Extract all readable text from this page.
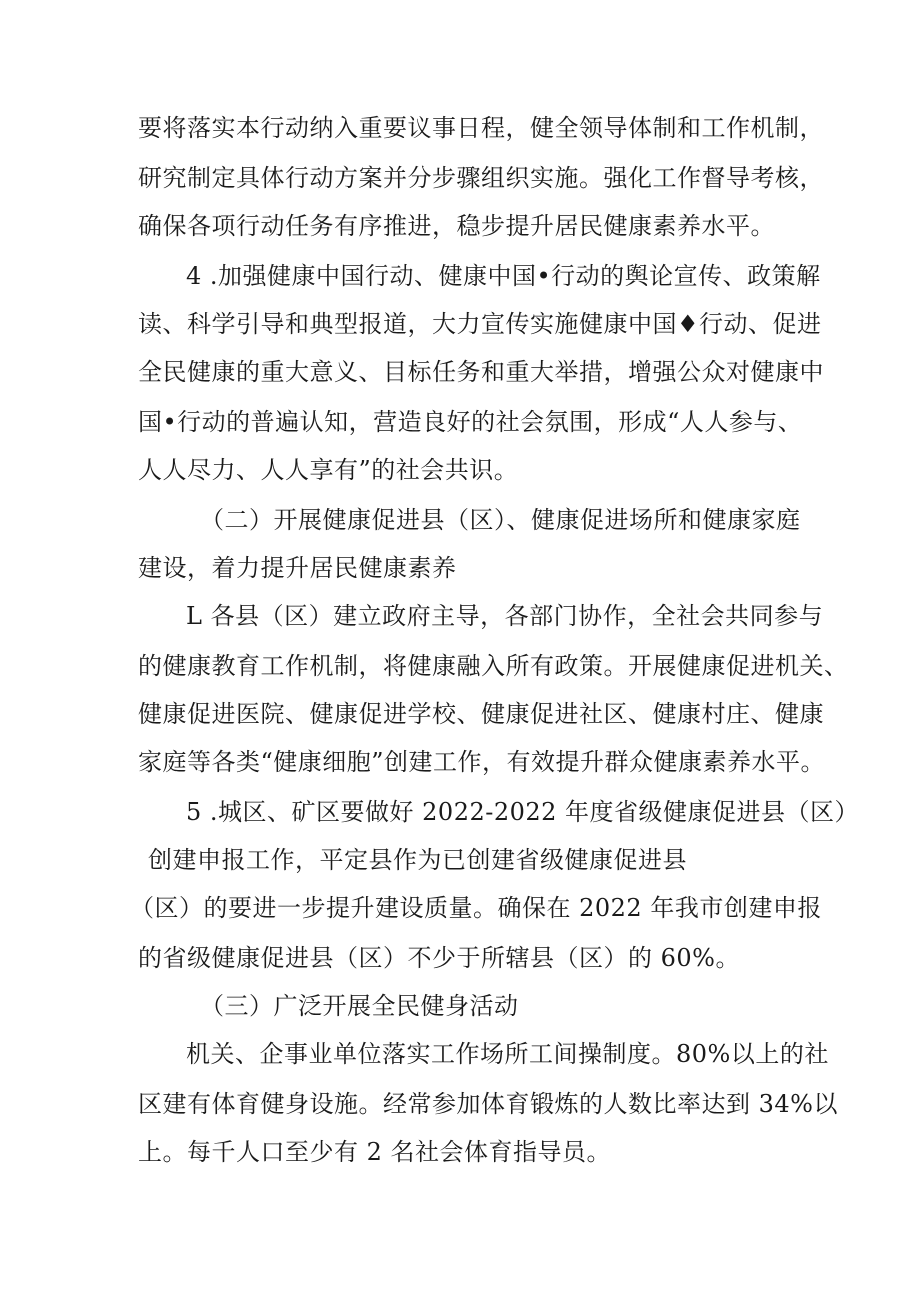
要将落实本行动纳入重要议事日程，健全领导体制和工作机制，
研究制定具体行动方案并分步骤组织实施。强化工作督导考核，
确保各项行动任务有序推进，稳步提升居民健康素养水平。
4 .加强健康中国行动、健康中国•行动的舆论宣传、政策解
读、科学引导和典型报道，大力宣传实施健康中国♦行动、促进
全民健康的重大意义、目标任务和重大举措，增强公众对健康中
国•行动的普遍认知，营造良好的社会氛围，形成“人人参与、
人人尽力、人人享有”的社会共识。
（二）开展健康促进县（区）、健康促进场所和健康家庭
建设，着力提升居民健康素养
L 各县（区）建立政府主导，各部门协作，全社会共同参与
的健康教育工作机制，将健康融入所有政策。开展健康促进机关、
健康促进医院、健康促进学校、健康促进社区、健康村庄、健康
家庭等各类“健康细胞”创建工作，有效提升群众健康素养水平。
5 .城区、矿区要做好 2022-2022 年度省级健康促进县（区）
创建申报工作，平定县作为已创建省级健康促进县
（区）的要进一步提升建设质量。确保在 2022 年我市创建申报
的省级健康促进县（区）不少于所辖县（区）的 60%。
（三）广泛开展全民健身活动
机关、企事业单位落实工作场所工间操制度。80%以上的社
区建有体育健身设施。经常参加体育锻炼的人数比率达到 34%以
上。每千人口至少有 2 名社会体育指导员。
